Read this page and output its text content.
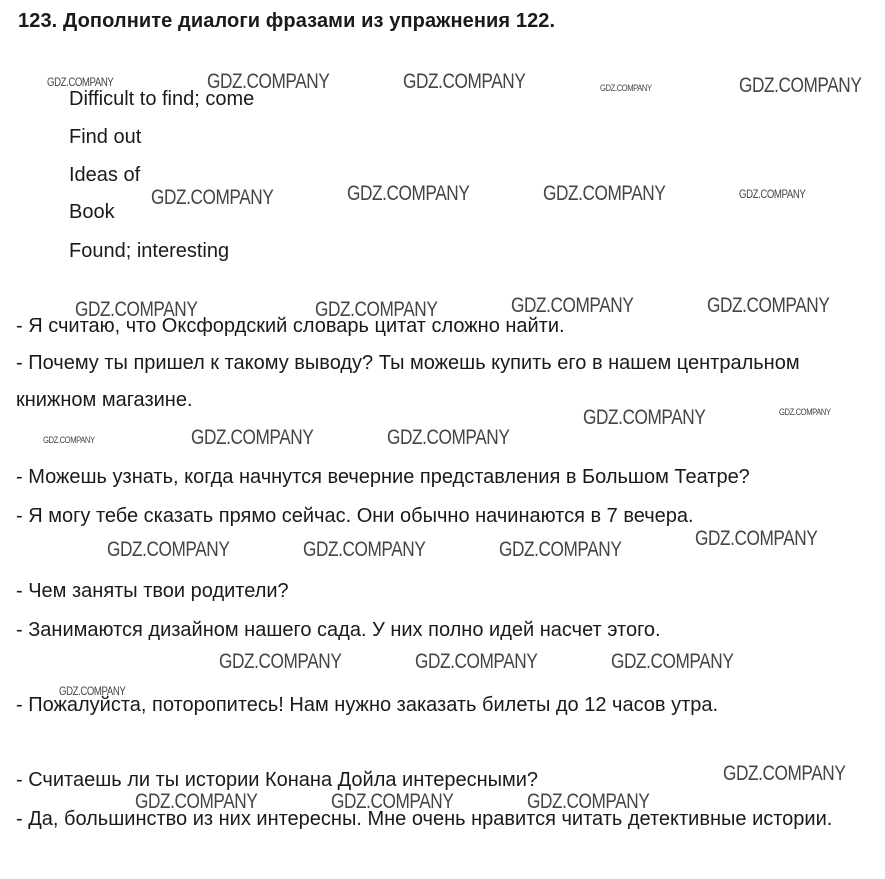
123. Дополните диалоги фразами из упражнения 122.
Difficult to find; come
Find out
Ideas of
Book
Found; interesting
- Я считаю, что Оксфордский словарь цитат сложно найти.
- Почему ты пришел к такому выводу? Ты можешь купить его в нашем центральном книжном магазине.
- Можешь узнать, когда начнутся вечерние представления в Большом Театре?
- Я могу тебе сказать прямо сейчас. Они обычно начинаются в 7 вечера.
- Чем заняты твои родители?
- Занимаются дизайном нашего сада. У них полно идей насчет этого.
- Пожалуйста, поторопитесь! Нам нужно заказать билеты до 12 часов утра.
- Считаешь ли ты истории Конана Дойла интересными?
- Да, большинство из них интересны. Мне очень нравится читать детективные истории.
GDZ.COMPANY	GDZ.COMPANY	GDZ.COMPANY	GDZ.COMPANY	GDZ.COMPANY
GDZ.COMPANY	GDZ.COMPANY	GDZ.COMPANY	GDZ.COMPANY
GDZ.COMPANY	GDZ.COMPANY	GDZ.COMPANY	GDZ.COMPANY
GDZ.COMPANY	GDZ.COMPANY
GDZ.COMPANY	GDZ.COMPANY	GDZ.COMPANY
GDZ.COMPANY
GDZ.COMPANY	GDZ.COMPANY	GDZ.COMPANY
GDZ.COMPANY	GDZ.COMPANY	GDZ.COMPANY
GDZ.COMPANY
GDZ.COMPANY
GDZ.COMPANY	GDZ.COMPANY	GDZ.COMPANY
